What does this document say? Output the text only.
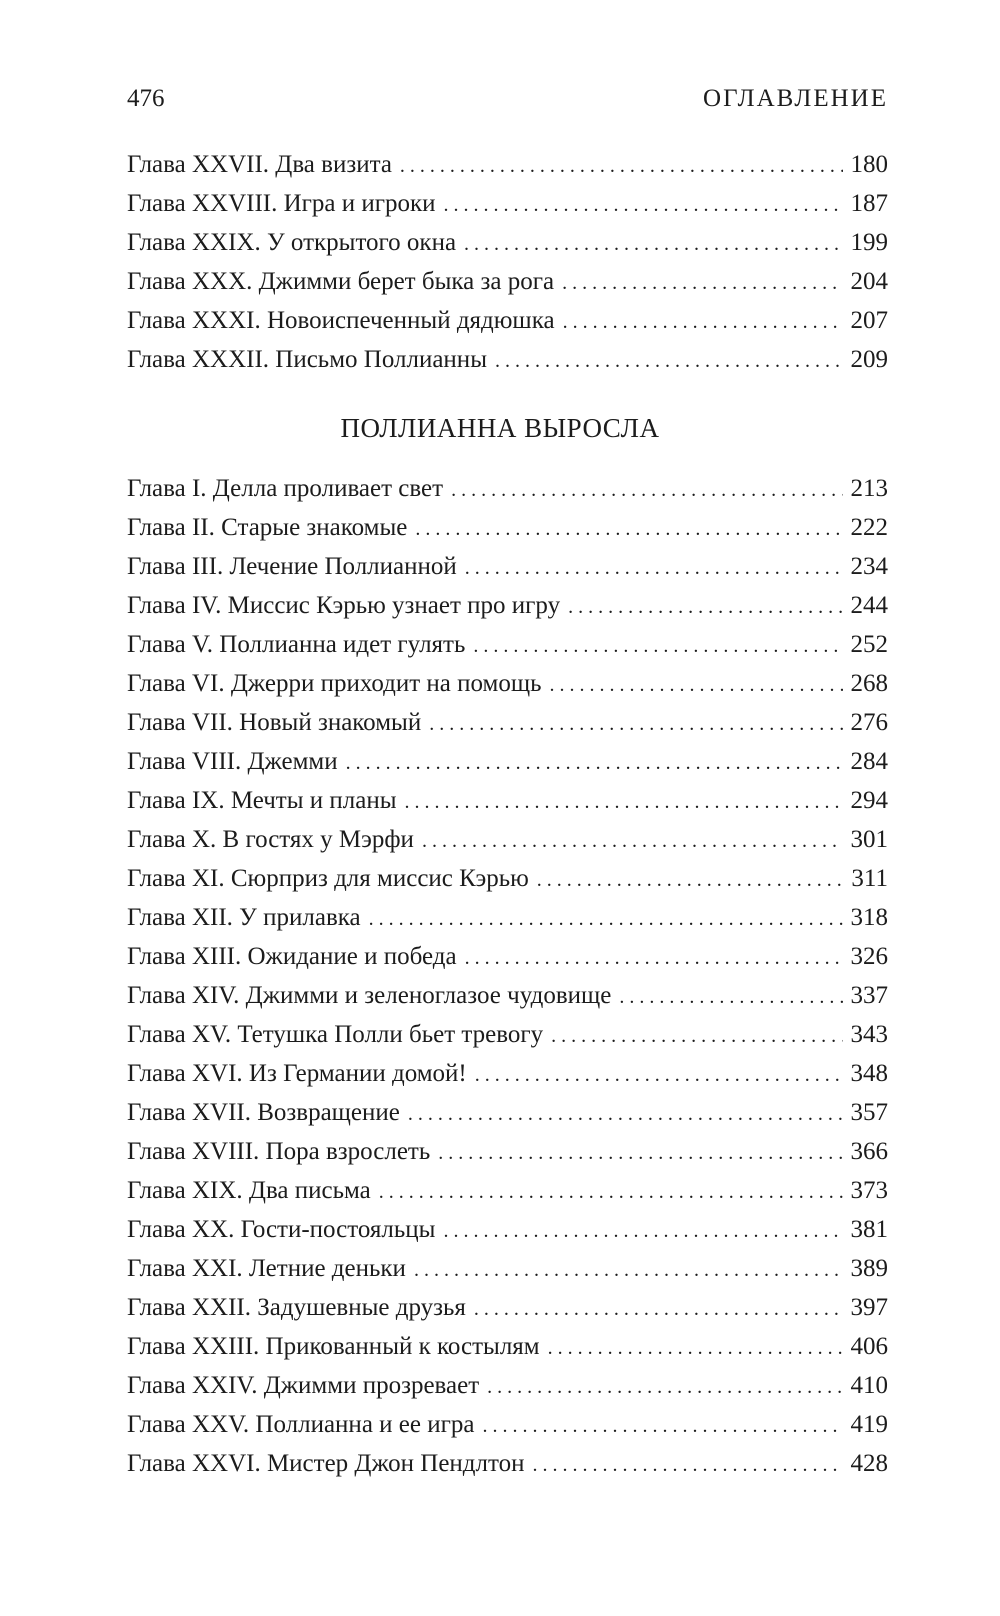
476	ОГЛАВЛЕНИЕ
Глава XXVII. Два визита . . .	180
Глава XXVIII. Игра и игроки . . .	187
Глава XXIX. У открытого окна . . .	199
Глава XXX. Джимми берет быка за рога . . .	204
Глава XXXI. Новоиспеченный дядюшка . . .	207
Глава XXXII. Письмо Поллианны . . .	209
ПОЛЛИАННА ВЫРОСЛА
Глава I. Делла проливает свет . . .	213
Глава II. Старые знакомые . . .	222
Глава III. Лечение Поллианной . . .	234
Глава IV. Миссис Кэрью узнает про игру . . .	244
Глава V. Поллианна идет гулять . . .	252
Глава VI. Джерри приходит на помощь . . .	268
Глава VII. Новый знакомый . . .	276
Глава VIII. Джемми . . .	284
Глава IX. Мечты и планы . . .	294
Глава X. В гостях у Мэрфи . . .	301
Глава XI. Сюрприз для миссис Кэрью . . .	311
Глава XII. У прилавка . . .	318
Глава XIII. Ожидание и победа . . .	326
Глава XIV. Джимми и зеленоглазое чудовище . . .	337
Глава XV. Тетушка Полли бьет тревогу . . .	343
Глава XVI. Из Германии домой! . . .	348
Глава XVII. Возвращение . . .	357
Глава XVIII. Пора взрослеть . . .	366
Глава XIX. Два письма . . .	373
Глава XX. Гости-постояльцы . . .	381
Глава XXI. Летние деньки . . .	389
Глава XXII. Задушевные друзья . . .	397
Глава XXIII. Прикованный к костылям . . .	406
Глава XXIV. Джимми прозревает . . .	410
Глава XXV. Поллианна и ее игра . . .	419
Глава XXVI. Мистер Джон Пендлтон . . .	428
